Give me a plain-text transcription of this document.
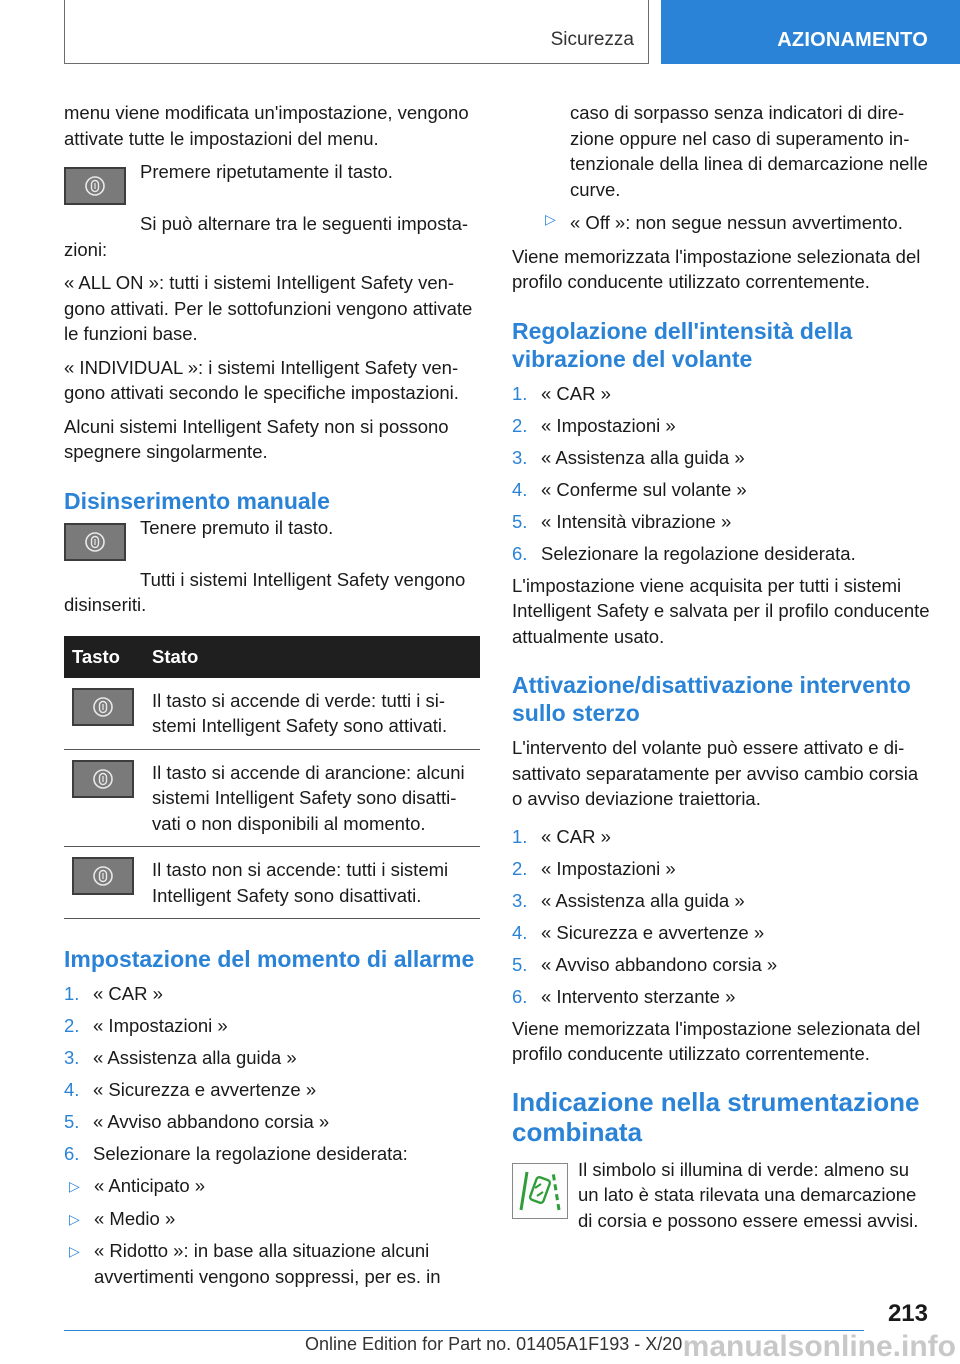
Sicurezza	AZIONAMENTO

menu viene modificata un'impostazione, vengono attivate tutte le impostazioni del menu.

Premere ripetutamente il tasto.

Si può alternare tra le seguenti impostazioni:

« ALL ON »: tutti i sistemi Intelligent Safety vengono attivati. Per le sottofunzioni vengono attivate le funzioni base.

« INDIVIDUAL »: i sistemi Intelligent Safety vengono attivati secondo le specifiche impostazioni.

Alcuni sistemi Intelligent Safety non si possono spegnere singolarmente.

Disinserimento manuale

Tenere premuto il tasto.

Tutti i sistemi Intelligent Safety vengono disinseriti.

Tasto	Stato

	Il tasto si accende di verde: tutti i sistemi Intelligent Safety sono attivati.

	Il tasto si accende di arancione: alcuni sistemi Intelligent Safety sono disattivati o non disponibili al momento.

	Il tasto non si accende: tutti i sistemi Intelligent Safety sono disattivati.
Impostazione del momento di allarme
1. « CAR »
2. « Impostazioni »
3. « Assistenza alla guida »
4. « Sicurezza e avvertenze »
5. « Avviso abbandono corsia »
6. Selezionare la regolazione desiderata:
▷ « Anticipato »
▷ « Medio »
▷ « Ridotto »: in base alla situazione alcuni avvertimenti vengono soppressi, per es. in

caso di sorpasso senza indicatori di direzione oppure nel caso di superamento intenzionale della linea di demarcazione nelle curve.

▷ « Off »: non segue nessun avvertimento.

Viene memorizzata l'impostazione selezionata del profilo conducente utilizzato correntemente.

Regolazione dell'intensità della vibrazione del volante
1. « CAR »
2. « Impostazioni »
3. « Assistenza alla guida »
4. « Conferme sul volante »
5. « Intensità vibrazione »
6. Selezionare la regolazione desiderata.

L'impostazione viene acquisita per tutti i sistemi Intelligent Safety e salvata per il profilo conducente attualmente usato.

Attivazione/disattivazione intervento sullo sterzo

L'intervento del volante può essere attivato e disattivato separatamente per avviso cambio corsia o avviso deviazione traiettoria.

1. « CAR »
2. « Impostazioni »
3. « Assistenza alla guida »
4. « Sicurezza e avvertenze »
5. « Avviso abbandono corsia »
6. « Intervento sterzante »

Viene memorizzata l'impostazione selezionata del profilo conducente utilizzato correntemente.

Indicazione nella strumentazione combinata

Il simbolo si illumina di verde: almeno su un lato è stata rilevata una demarcazione di corsia e possono essere emessi avvisi.

213
Online Edition for Part no. 01405A1F193 - X/20 manualsonline.info
